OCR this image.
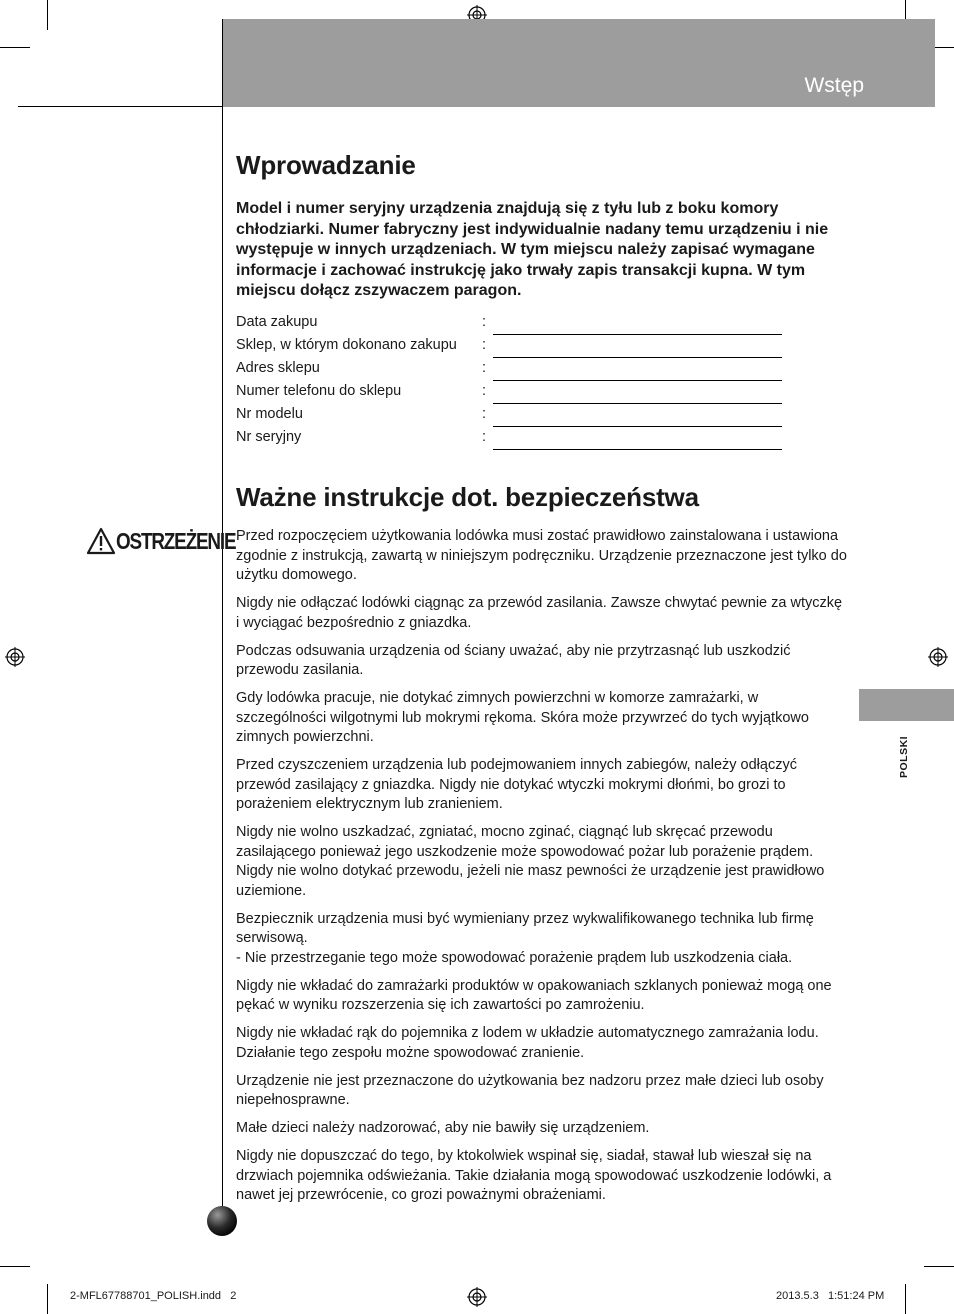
Wstęp
Wprowadzanie

Model i numer seryjny urządzenia znajdują się z tyłu lub z boku komory chłodziarki. Numer fabryczny jest indywidualnie nadany temu urządzeniu i nie występuje w innych urządzeniach. W tym miejscu należy zapisać wymagane informacje i zachować instrukcję jako trwały zapis transakcji kupna. W tym miejscu dołącz zszywaczem paragon.

Data zakupu	:
Sklep, w którym dokonano zakupu :
Adres sklepu	:
Numer telefonu do sklepu	:
Nr modelu	:
Nr seryjny	:
Ważne instrukcje dot. bezpieczeństwa
OSTRZEŻENIE Przed rozpoczęciem użytkowania lodówka musi zostać prawidłowo zainstalowana i ustawiona zgodnie z instrukcją, zawartą w niniejszym podręczniku. Urządzenie przeznaczone jest tylko do użytku domowego.

Nigdy nie odłączać lodówki ciągnąc za przewód zasilania. Zawsze chwytać pewnie za wtyczkę i wyciągać bezpośrednio z gniazdka.

Podczas odsuwania urządzenia od ściany uważać, aby nie przytrzasnąć lub uszkodzić przewodu zasilania.

Gdy lodówka pracuje, nie dotykać zimnych powierzchni w komorze zamrażarki, w szczególności wilgotnymi lub mokrymi rękoma. Skóra może przywrzeć do tych wyjątkowo zimnych powierzchni.

Przed czyszczeniem urządzenia lub podejmowaniem innych zabiegów, należy odłączyć przewód zasilający z gniazdka. Nigdy nie dotykać wtyczki mokrymi dłońmi, bo grozi to porażeniem elektrycznym lub zranieniem.

Nigdy nie wolno uszkadzać, zgniatać, mocno zginać, ciągnąć lub skręcać przewodu zasilającego ponieważ jego uszkodzenie może spowodować pożar lub porażenie prądem. Nigdy nie wolno dotykać przewodu, jeżeli nie masz pewności że urządzenie jest prawidłowo uziemione.

Bezpiecznik urządzenia musi być wymieniany przez wykwalifikowanego technika lub firmę serwisową.
- Nie przestrzeganie tego może spowodować porażenie prądem lub uszkodzenia ciała.

Nigdy nie wkładać do zamrażarki produktów w opakowaniach szklanych ponieważ mogą one pękać w wyniku rozszerzenia się ich zawartości po zamrożeniu.

Nigdy nie wkładać rąk do pojemnika z lodem w układzie automatycznego zamrażania lodu. Działanie tego zespołu możne spowodować zranienie.

Urządzenie nie jest przeznaczone do użytkowania bez nadzoru przez małe dzieci lub osoby niepełnosprawne.

Małe dzieci należy nadzorować, aby nie bawiły się urządzeniem.

Nigdy nie dopuszczać do tego, by ktokolwiek wspinał się, siadał, stawał lub wieszał się na drzwiach pojemnika odświeżania. Takie działania mogą spowodować uszkodzenie lodówki, a nawet jej przewrócenie, co grozi poważnymi obrażeniami.

POLSKI
2-MFL67788701_POLISH.indd   2	2013.5.3   1:51:24 PM
